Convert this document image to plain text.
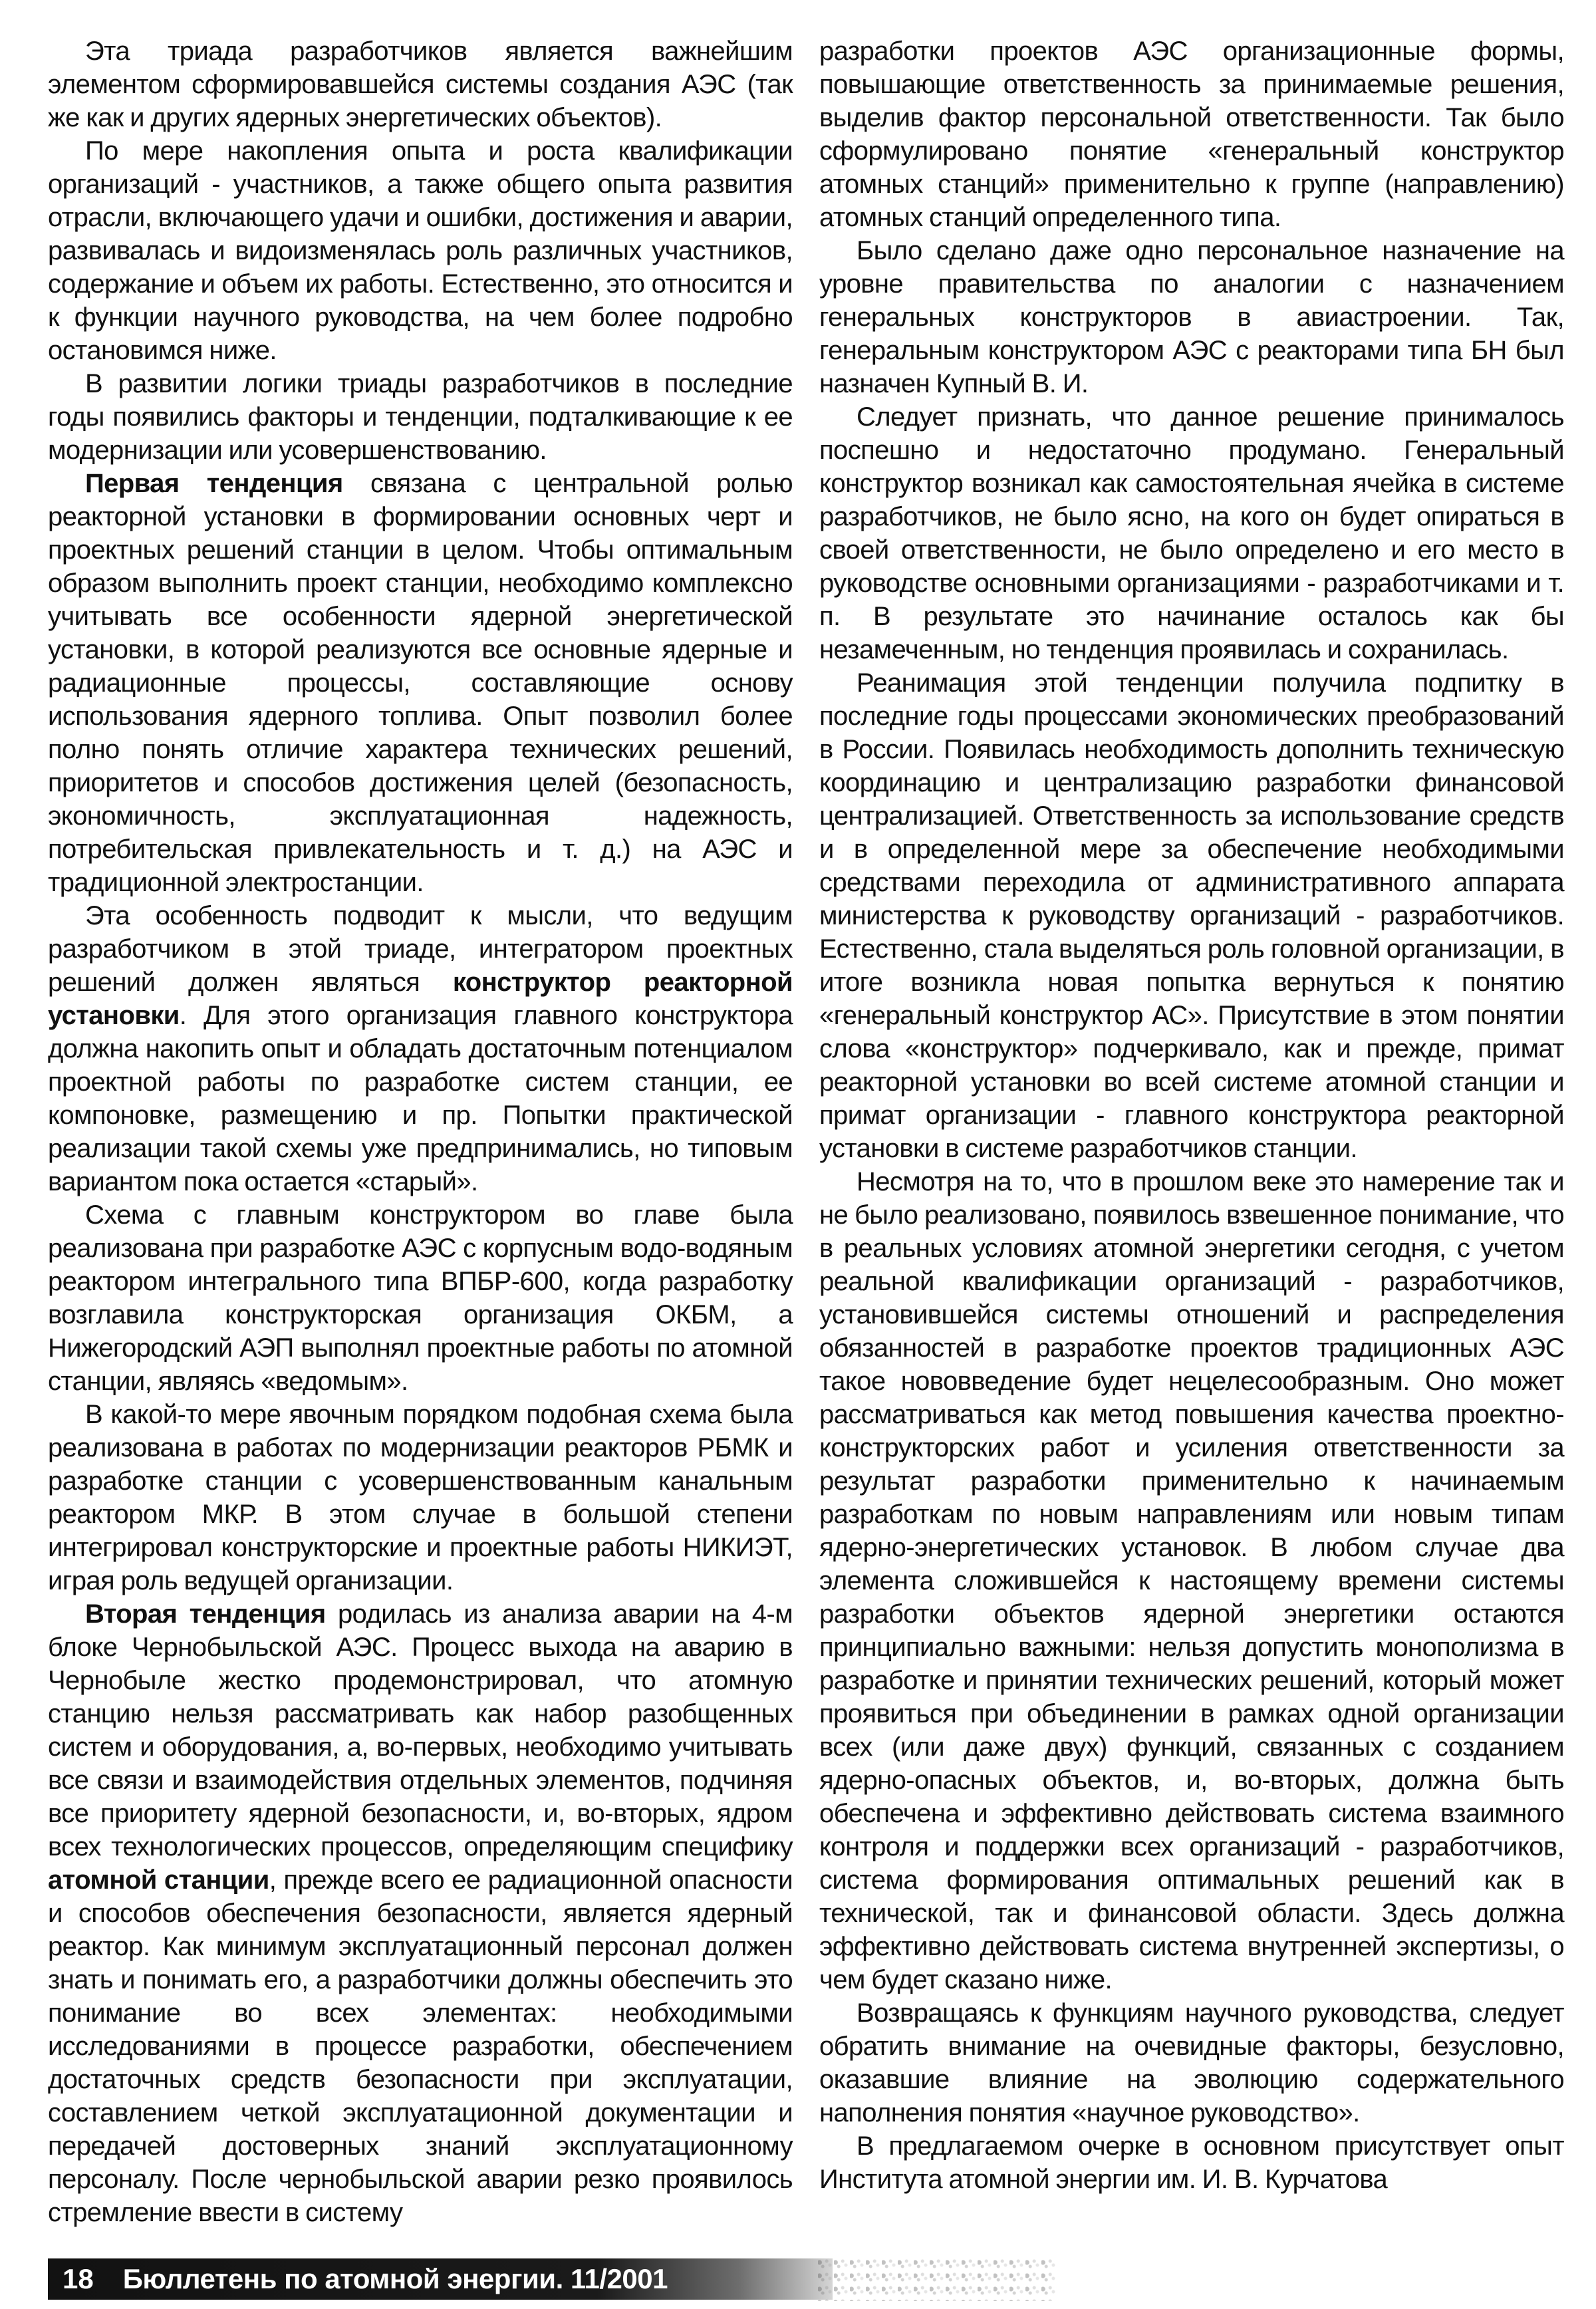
Эта триада разработчиков является важнейшим элементом сформировавшейся системы создания АЭС (так же как и других ядерных энергетических объектов).

По мере накопления опыта и роста квалификации организаций - участников, а также общего опыта развития отрасли, включающего удачи и ошибки, достижения и аварии, развивалась и видоизменялась роль различных участников, содержание и объем их работы. Естественно, это относится и к функции научного руководства, на чем более подробно остановимся ниже.

В развитии логики триады разработчиков в последние годы появились факторы и тенденции, подталкивающие к ее модернизации или усовершенствованию.

Первая тенденция связана с центральной ролью реакторной установки в формировании основных черт и проектных решений станции в целом. Чтобы оптимальным образом выполнить проект станции, необходимо комплексно учитывать все особенности ядерной энергетической установки, в которой реализуются все основные ядерные и радиационные процессы, составляющие основу использования ядерного топлива. Опыт позволил более полно понять отличие характера технических решений, приоритетов и способов достижения целей (безопасность, экономичность, эксплуатационная надежность, потребительская привлекательность и т. д.) на АЭС и традиционной электростанции.

Эта особенность подводит к мысли, что ведущим разработчиком в этой триаде, интегратором проектных решений должен являться конструктор реакторной установки. Для этого организация главного конструктора должна накопить опыт и обладать достаточным потенциалом проектной работы по разработке систем станции, ее компоновке, размещению и пр. Попытки практической реализации такой схемы уже предпринимались, но типовым вариантом пока остается «старый».

Схема с главным конструктором во главе была реализована при разработке АЭС с корпусным водо-водяным реактором интегрального типа ВПБР-600, когда разработку возглавила конструкторская организация ОКБМ, а Нижегородский АЭП выполнял проектные работы по атомной станции, являясь «ведомым».

В какой-то мере явочным порядком подобная схема была реализована в работах по модернизации реакторов РБМК и разработке станции с усовершенствованным канальным реактором МКР. В этом случае в большой степени интегрировал конструкторские и проектные работы НИКИЭТ, играя роль ведущей организации.

Вторая тенденция родилась из анализа аварии на 4-м блоке Чернобыльской АЭС. Процесс выхода на аварию в Чернобыле жестко продемонстрировал, что атомную станцию нельзя рассматривать как набор разобщенных систем и оборудования, а, во-первых, необходимо учитывать все связи и взаимодействия отдельных элементов, подчиняя все приоритету ядерной безопасности, и, во-вторых, ядром всех технологических процессов, определяющим специфику атомной станции, прежде всего ее радиационной опасности и способов обеспечения безопасности, является ядерный реактор. Как минимум эксплуатационный персонал должен знать и понимать его, а разработчики должны обеспечить это понимание во всех элементах: необходимыми исследованиями в процессе разработки, обеспечением достаточных средств безопасности при эксплуатации, составлением четкой эксплуатационной документации и передачей достоверных знаний эксплуатационному персоналу. После чернобыльской аварии резко проявилось стремление ввести в систему

разработки проектов АЭС организационные формы, повышающие ответственность за принимаемые решения, выделив фактор персональной ответственности. Так было сформулировано понятие «генеральный конструктор атомных станций» применительно к группе (направлению) атомных станций определенного типа.

Было сделано даже одно персональное назначение на уровне правительства по аналогии с назначением генеральных конструкторов в авиастроении. Так, генеральным конструктором АЭС с реакторами типа БН был назначен Купный В. И.

Следует признать, что данное решение принималось поспешно и недостаточно продумано. Генеральный конструктор возникал как самостоятельная ячейка в системе разработчиков, не было ясно, на кого он будет опираться в своей ответственности, не было определено и его место в руководстве основными организациями - разработчиками и т. п. В результате это начинание осталось как бы незамеченным, но тенденция проявилась и сохранилась.

Реанимация этой тенденции получила подпитку в последние годы процессами экономических преобразований в России. Появилась необходимость дополнить техническую координацию и централизацию разработки финансовой централизацией. Ответственность за использование средств и в определенной мере за обеспечение необходимыми средствами переходила от административного аппарата министерства к руководству организаций - разработчиков. Естественно, стала выделяться роль головной организации, в итоге возникла новая попытка вернуться к понятию «генеральный конструктор АС». Присутствие в этом понятии слова «конструктор» подчеркивало, как и прежде, примат реакторной установки во всей системе атомной станции и примат организации - главного конструктора реакторной установки в системе разработчиков станции.

Несмотря на то, что в прошлом веке это намерение так и не было реализовано, появилось взвешенное понимание, что в реальных условиях атомной энергетики сегодня, с учетом реальной квалификации организаций - разработчиков, установившейся системы отношений и распределения обязанностей в разработке проектов традиционных АЭС такое нововведение будет нецелесообразным. Оно может рассматриваться как метод повышения качества проектно-конструкторских работ и усиления ответственности за результат разработки применительно к начинаемым разработкам по новым направлениям или новым типам ядерно-энергетических установок. В любом случае два элемента сложившейся к настоящему времени системы разработки объектов ядерной энергетики остаются принципиально важными: нельзя допустить монополизма в разработке и принятии технических решений, который может проявиться при объединении в рамках одной организации всех (или даже двух) функций, связанных с созданием ядерно-опасных объектов, и, во-вторых, должна быть обеспечена и эффективно действовать система взаимного контроля и поддержки всех организаций - разработчиков, система формирования оптимальных решений как в технической, так и финансовой области. Здесь должна эффективно действовать система внутренней экспертизы, о чем будет сказано ниже.

Возвращаясь к функциям научного руководства, следует обратить внимание на очевидные факторы, безусловно, оказавшие влияние на эволюцию содержательного наполнения понятия «научное руководство».

В предлагаемом очерке в основном присутствует опыт Института атомной энергии им. И. В. Курчатова

18 Бюллетень по атомной энергии. 11/2001
